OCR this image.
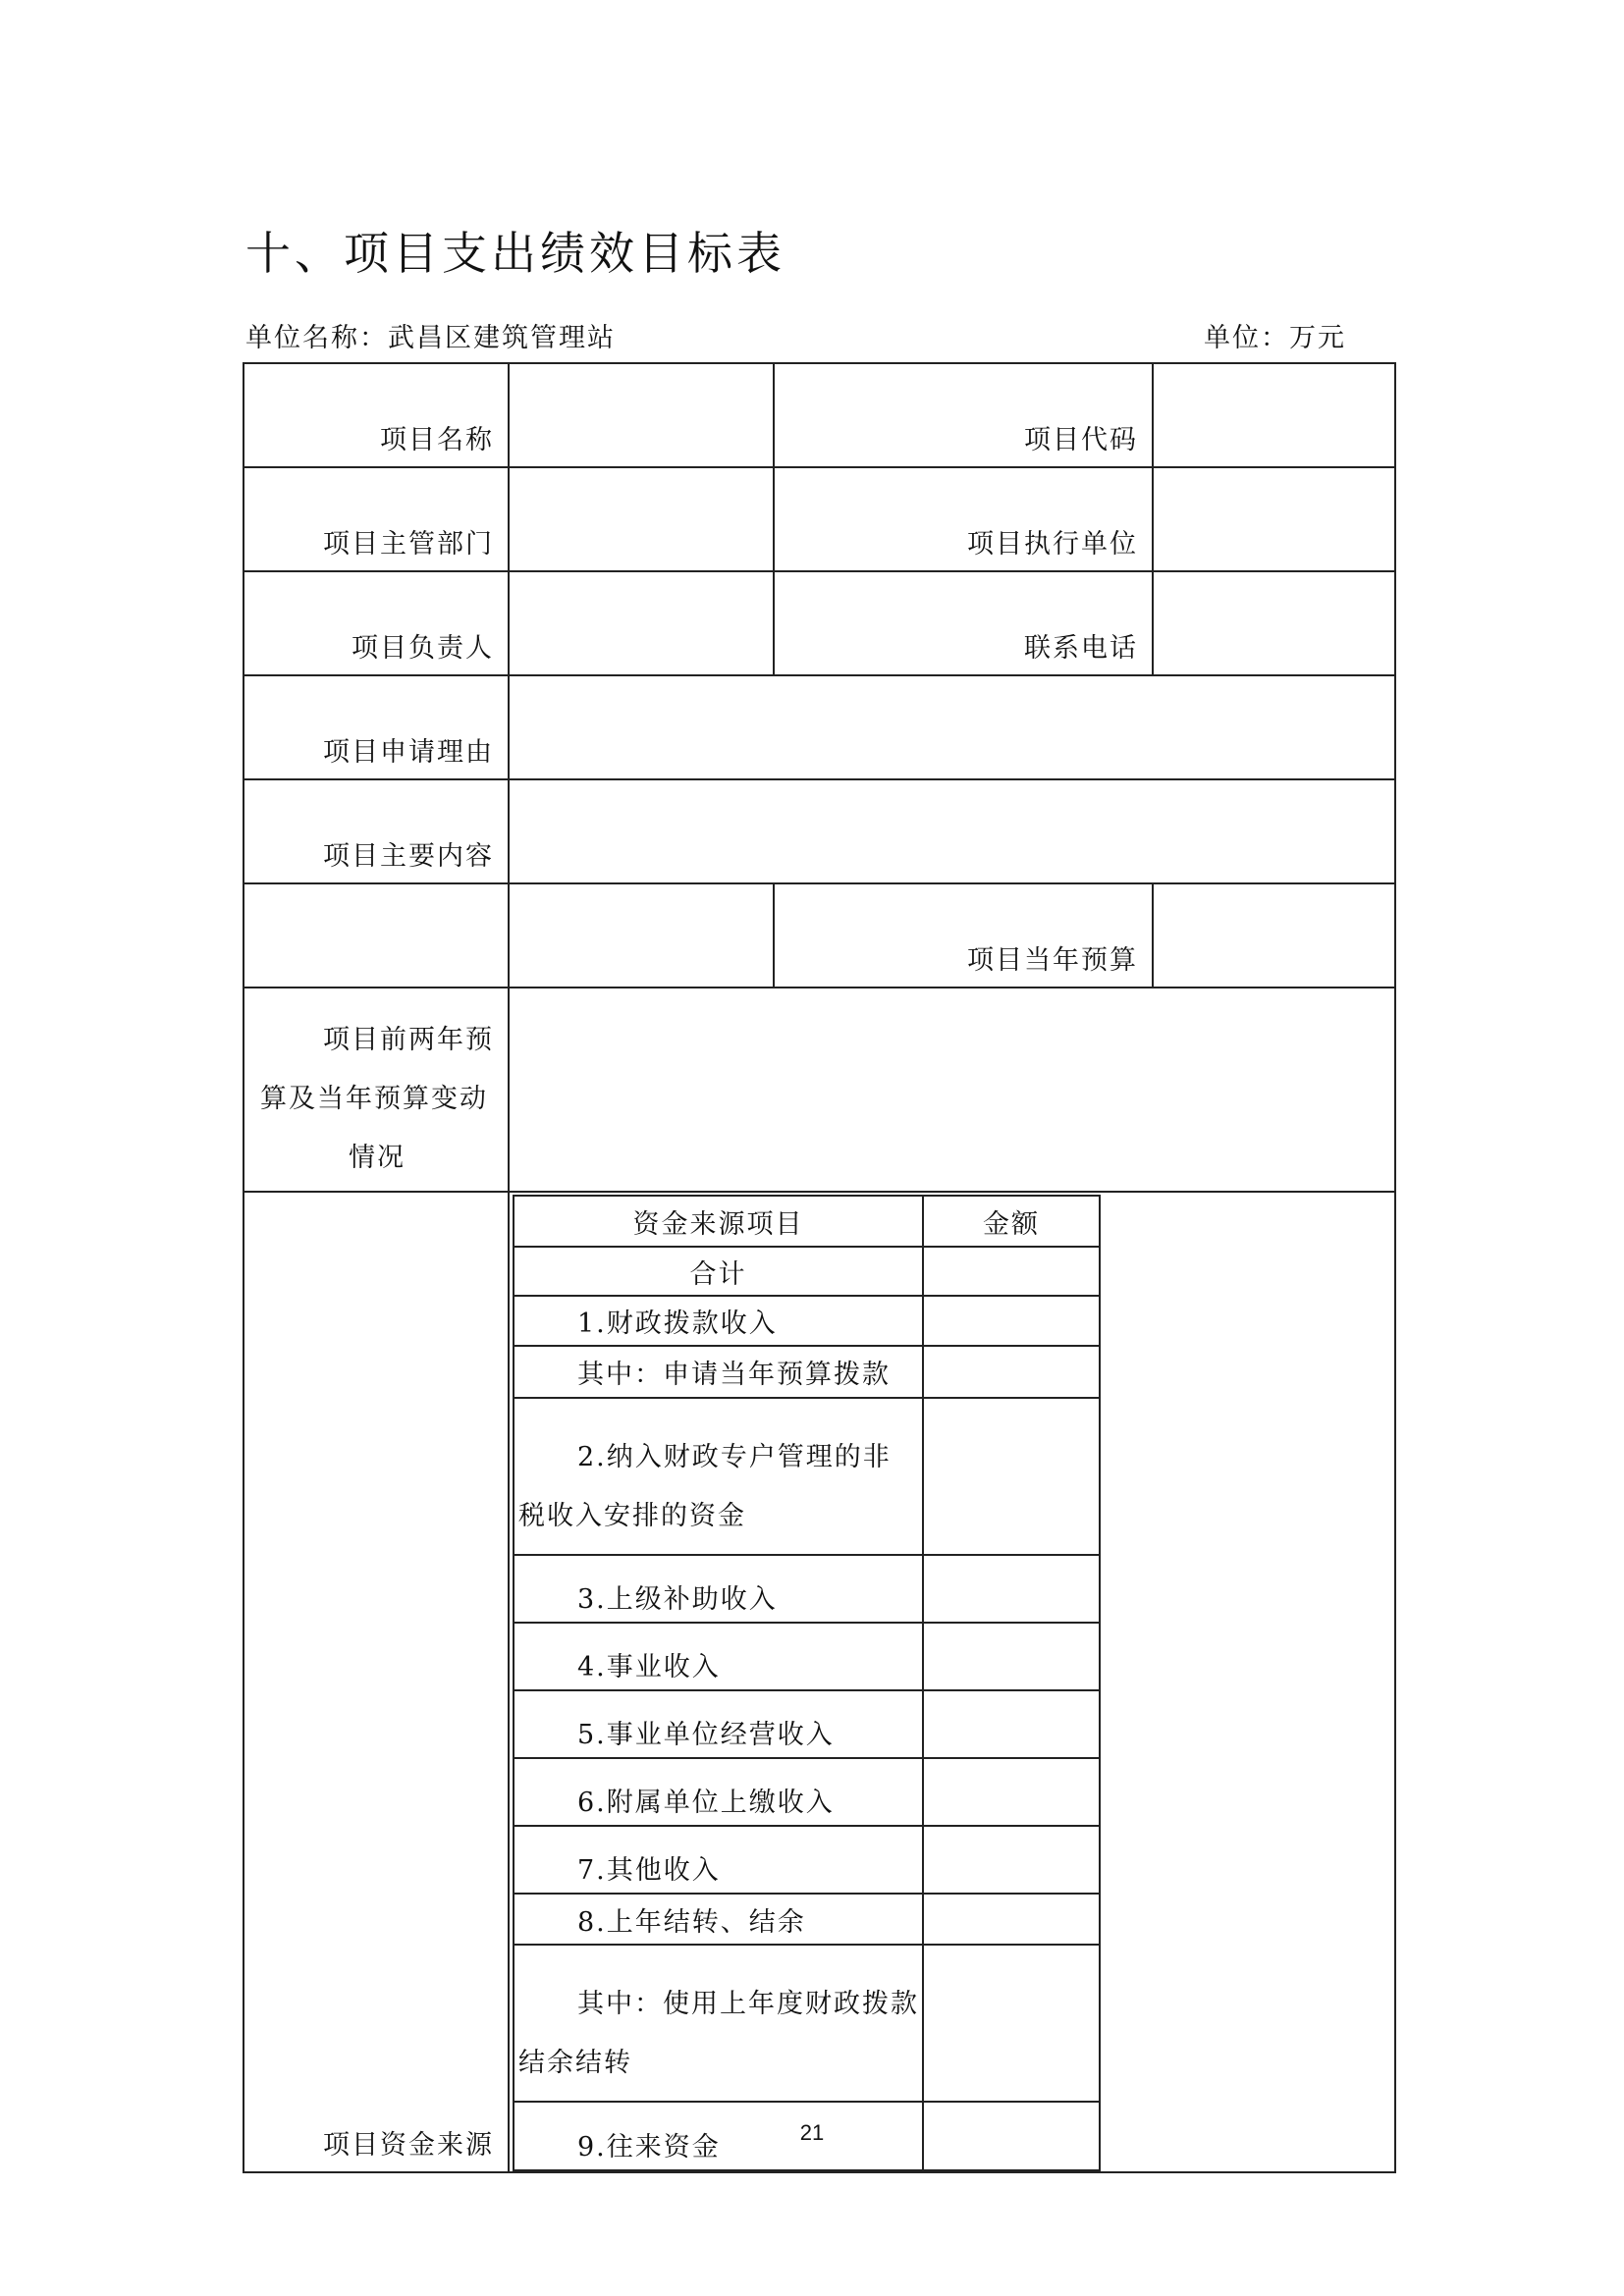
十、项目支出绩效目标表
单位名称：武昌区建筑管理站	单位：万元
项目名称		项目代码	
项目主管部门		项目执行单位	
项目负责人		联系电话	
项目申请理由	
项目主要内容	
		项目当年预算	

项目前两年预
算及当年预算变动
情况

项目资金来源	
资金来源项目	金额
合计	
1.财政拨款收入	
其中：申请当年预算拨款	
2.纳入财政专户管理的非
税收入安排的资金	
3.上级补助收入	
4.事业收入	
5.事业单位经营收入	
6.附属单位上缴收入	
7.其他收入	
8.上年结转、结余	
其中：使用上年度财政拨款
结余结转	
9.往来资金		21
